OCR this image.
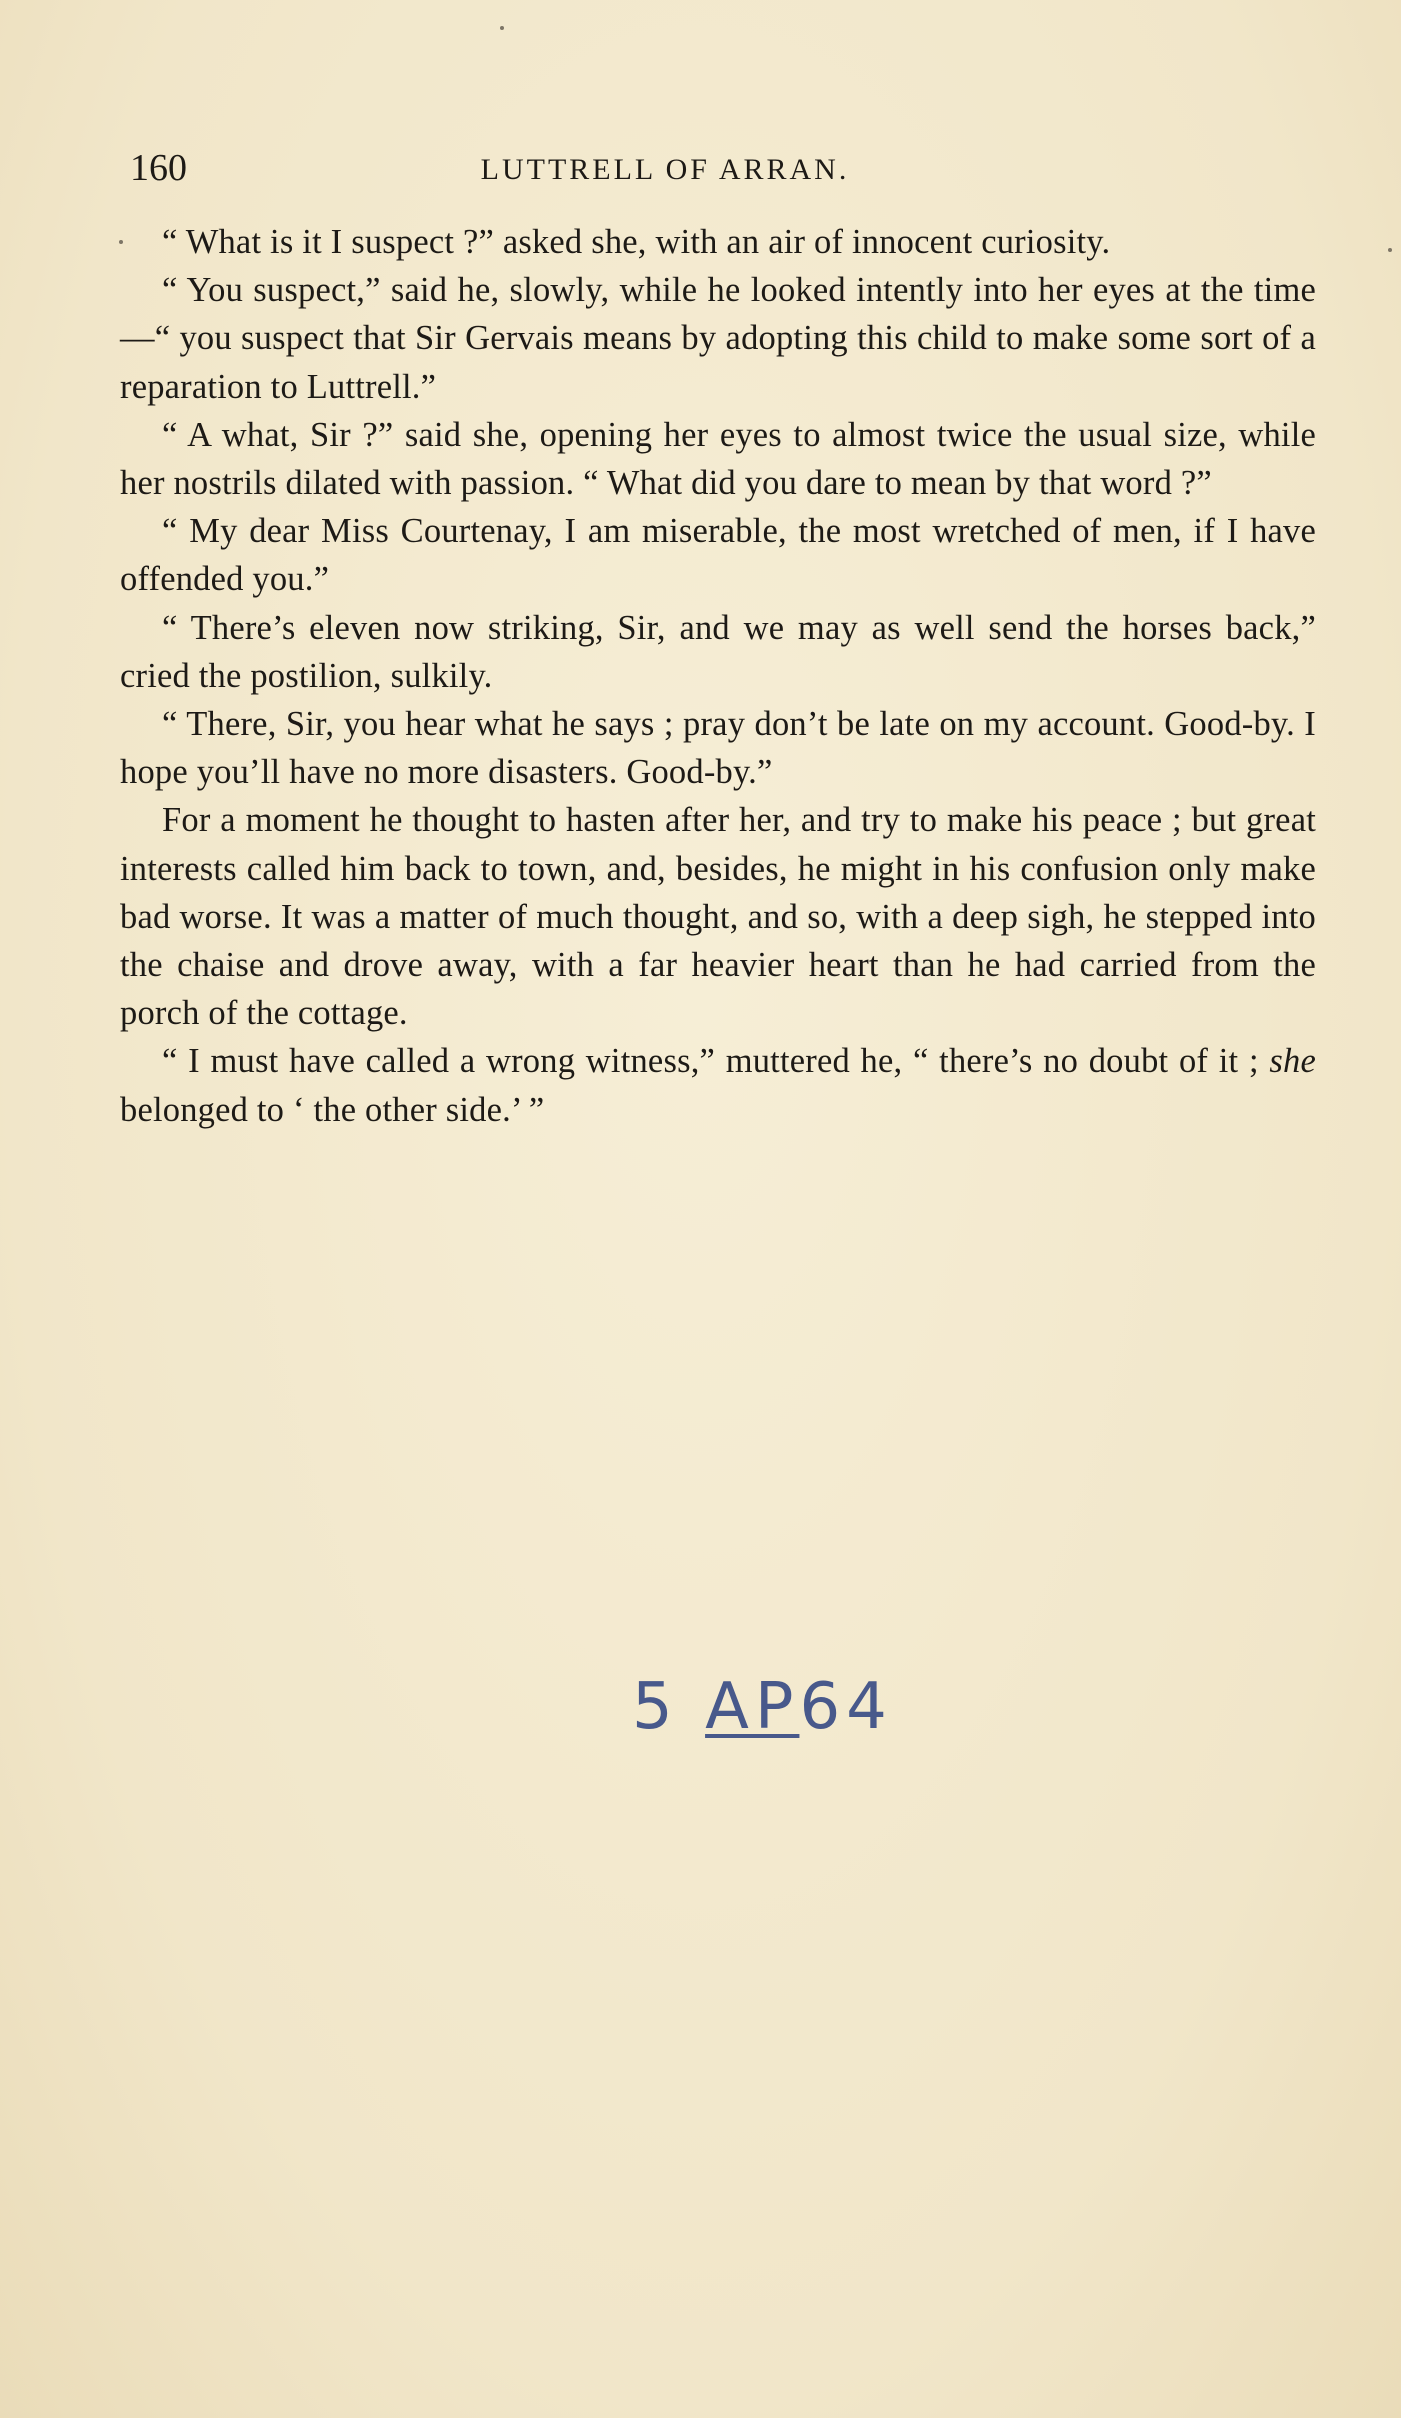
160	LUTTRELL OF ARRAN.

“ What is it I suspect ?” asked she, with an air of innocent curiosity.

“ You suspect,” said he, slowly, while he looked intently into her eyes at the time—“ you suspect that Sir Gervais means by adopting this child to make some sort of a reparation to Luttrell.”

“ A what, Sir ?” said she, opening her eyes to almost twice the usual size, while her nostrils dilated with passion. “ What did you dare to mean by that word ?”

“ My dear Miss Courtenay, I am miserable, the most wretched of men, if I have offended you.”

“ There’s eleven now striking, Sir, and we may as well send the horses back,” cried the postilion, sulkily.

“ There, Sir, you hear what he says ; pray don’t be late on my account. Good-by. I hope you’ll have no more disasters. Good-by.”

For a moment he thought to hasten after her, and try to make his peace ; but great interests called him back to town, and, besides, he might in his confusion only make bad worse. It was a matter of much thought, and so, with a deep sigh, he stepped into the chaise and drove away, with a far heavier heart than he had carried from the porch of the cottage.

“ I must have called a wrong witness,” muttered he, “ there’s no doubt of it ; she belonged to ‘ the other side.’ ”

5 AP64
